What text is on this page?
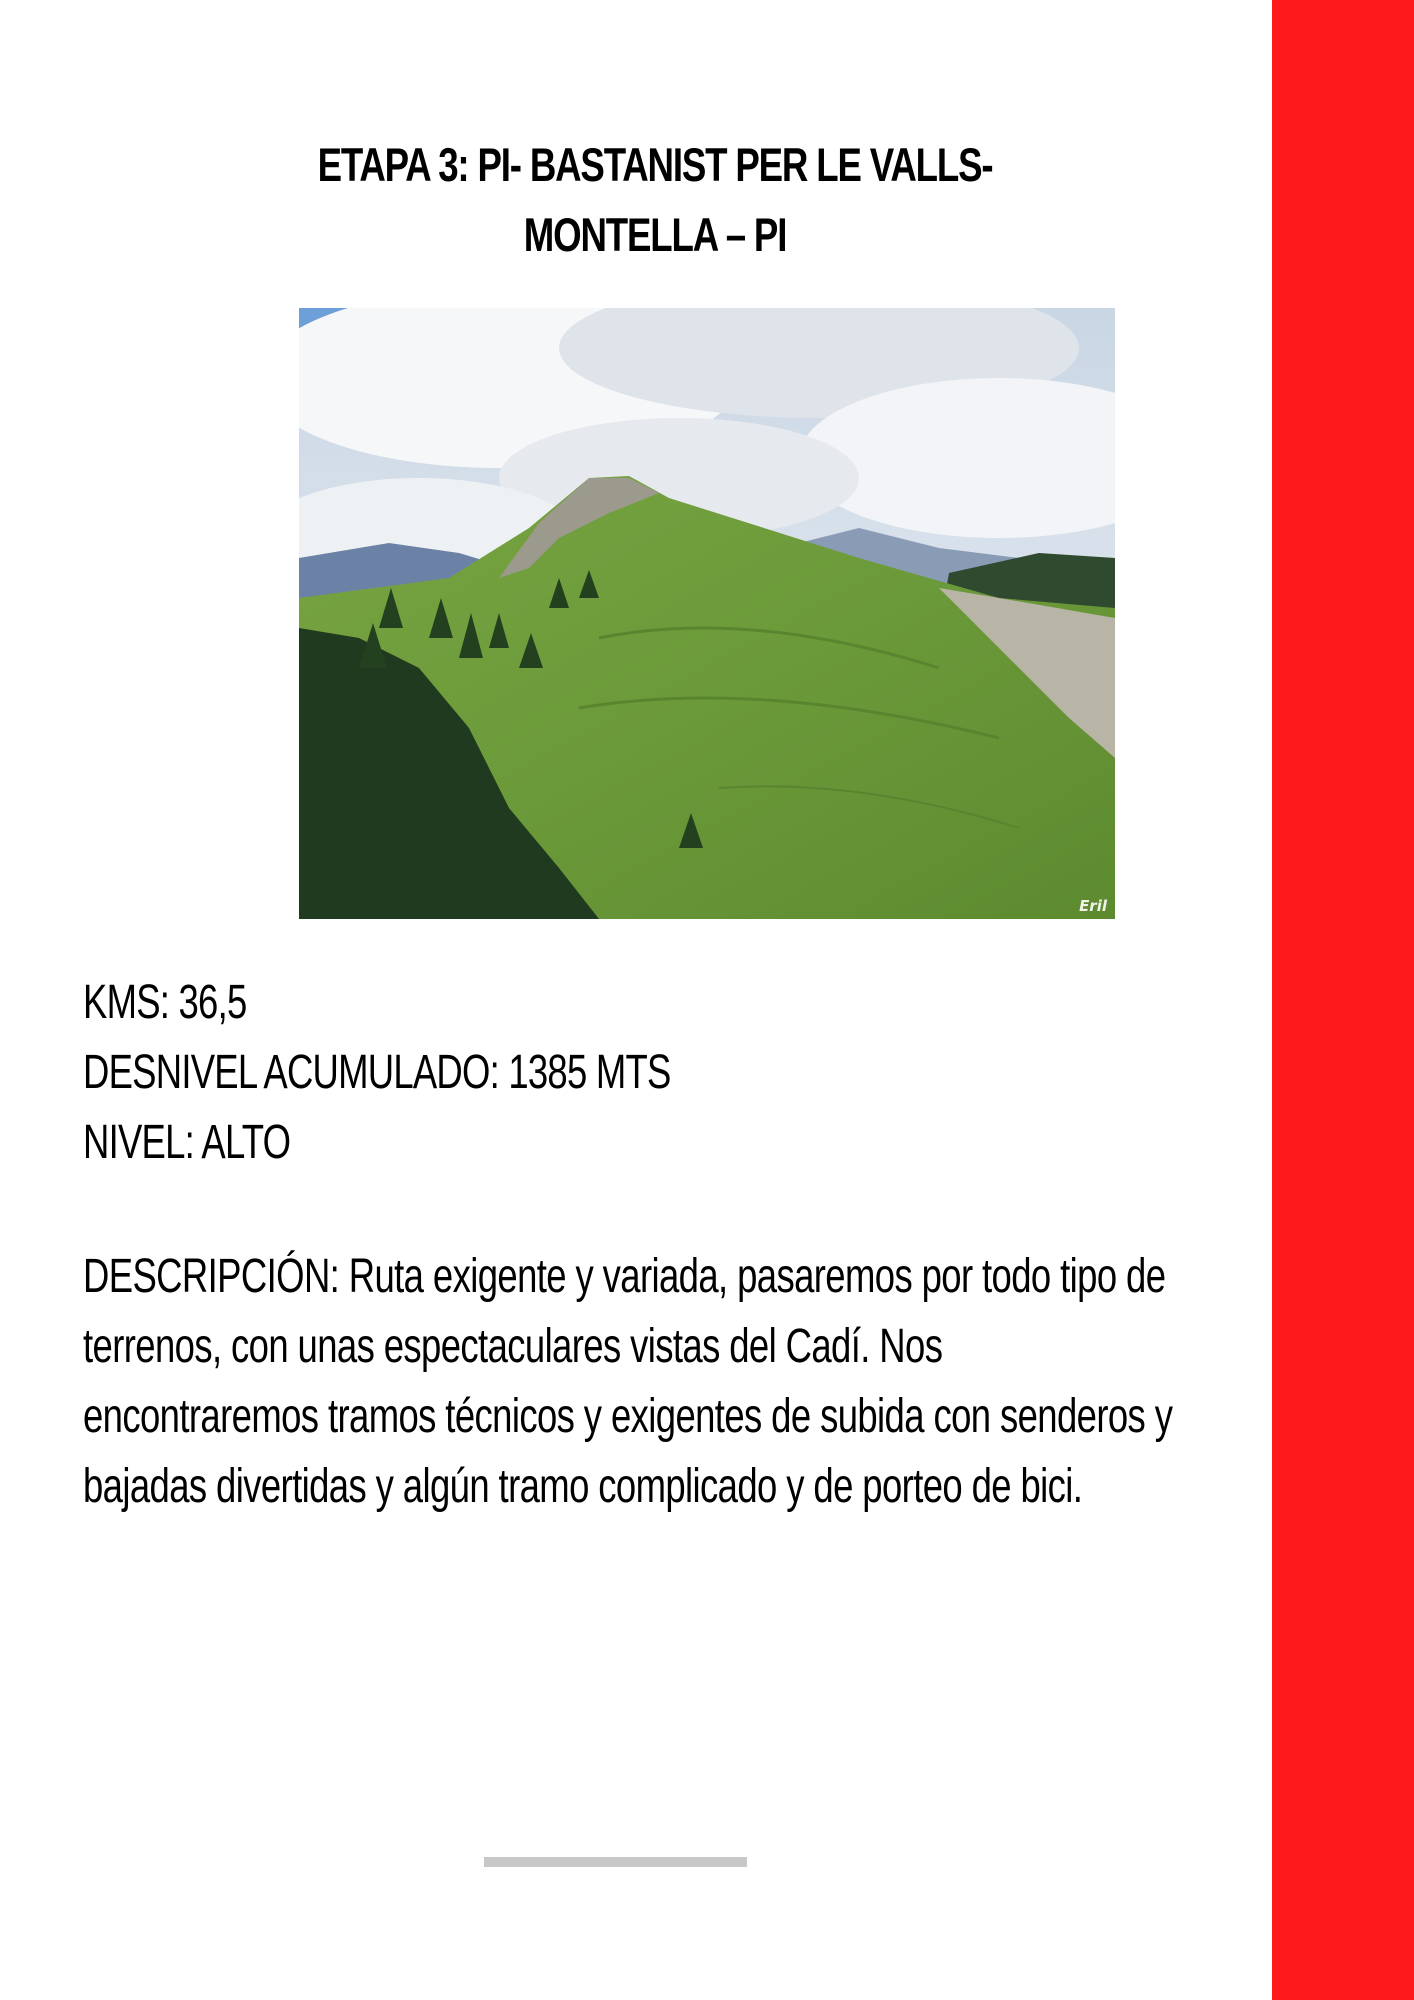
ETAPA 3: PI- BASTANIST PER LE VALLS-MONTELLA – PI
Eril
KMS: 36,5
DESNIVEL ACUMULADO: 1385 MTS
NIVEL: ALTO

DESCRIPCIÓN: Ruta exigente y variada, pasaremos por todo tipo de terrenos, con unas espectaculares vistas del Cadí. Nos encontraremos tramos técnicos y exigentes de subida con senderos y bajadas divertidas y algún tramo complicado y de porteo de bici.
